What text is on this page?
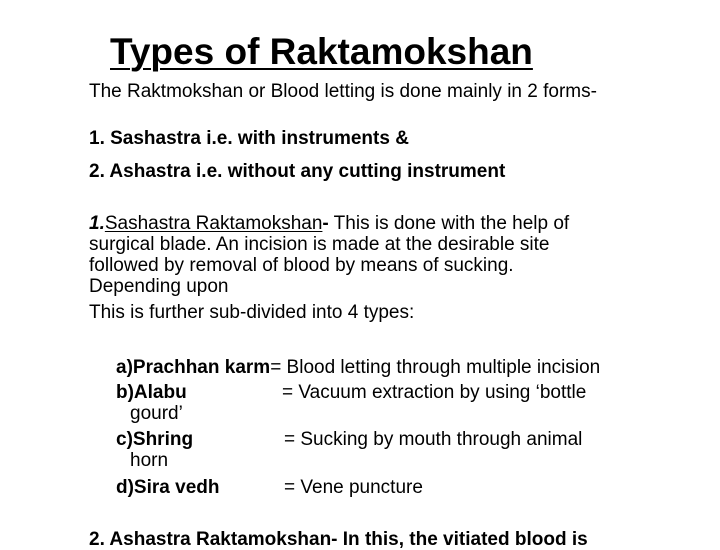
Types of Raktamokshan
The Raktmokshan or Blood letting is done mainly in 2 forms-
1. Sashastra i.e. with instruments &
2. Ashastra i.e. without any cutting instrument
1.Sashastra Raktamokshan- This is done with the help of
surgical blade. An incision is made at the desirable site
followed by removal of blood by means of sucking.
Depending upon
This is further sub-divided into 4 types:
a)Prachhan karm= Blood letting through multiple incision
b)Alabu	= Vacuum extraction by using ‘bottle
gourd’
c)Shring	= Sucking by mouth through animal
horn
d)Sira vedh	= Vene puncture
2. Ashastra Raktamokshan- In this, the vitiated blood is
